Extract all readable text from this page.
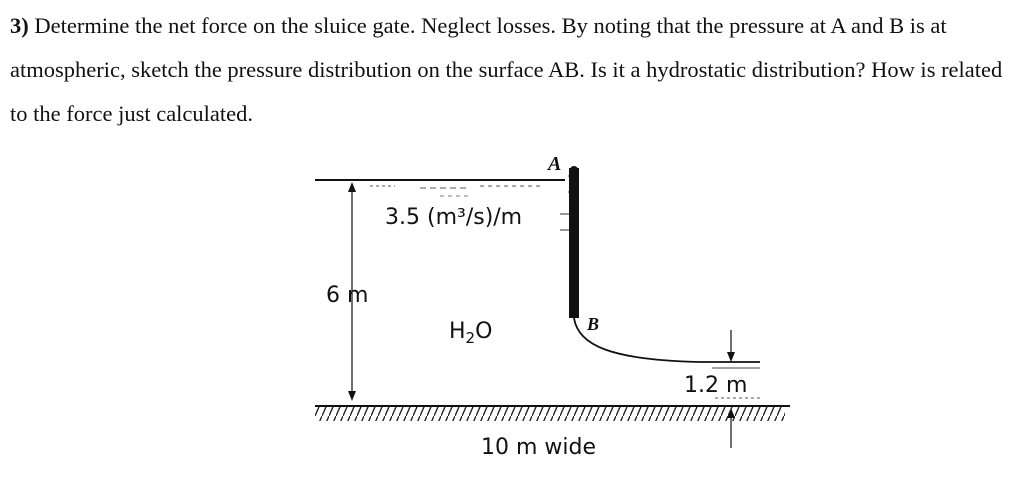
3) Determine the net force on the sluice gate. Neglect losses. By noting that the pressure at A and B is at atmospheric, sketch the pressure distribution on the surface AB. Is it a hydrostatic distribution? How is related to the force just calculated.

A
B
3.5 (m³/s)/m
6 m
$H_2O$
1.2 m
10 m wide
